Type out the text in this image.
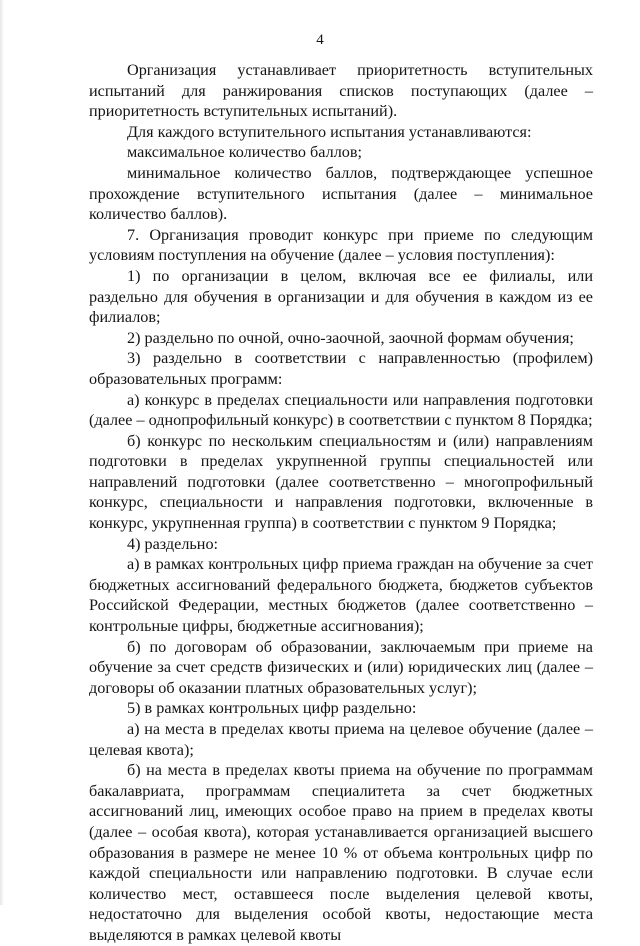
4

Организация устанавливает приоритетность вступительных испытаний для ранжирования списков поступающих (далее – приоритетность вступительных испытаний).

Для каждого вступительного испытания устанавливаются:

максимальное количество баллов;

минимальное количество баллов, подтверждающее успешное прохождение вступительного испытания (далее – минимальное количество баллов).

7. Организация проводит конкурс при приеме по следующим условиям поступления на обучение (далее – условия поступления):

1) по организации в целом, включая все ее филиалы, или раздельно для обучения в организации и для обучения в каждом из ее филиалов;

2) раздельно по очной, очно-заочной, заочной формам обучения;

3) раздельно в соответствии с направленностью (профилем) образовательных программ:

а) конкурс в пределах специальности или направления подготовки (далее – однопрофильный конкурс) в соответствии с пунктом 8 Порядка;

б) конкурс по нескольким специальностям и (или) направлениям подготовки в пределах укрупненной группы специальностей или направлений подготовки (далее соответственно – многопрофильный конкурс, специальности и направления подготовки, включенные в конкурс, укрупненная группа) в соответствии с пунктом 9 Порядка;

4) раздельно:

а) в рамках контрольных цифр приема граждан на обучение за счет бюджетных ассигнований федерального бюджета, бюджетов субъектов Российской Федерации, местных бюджетов (далее соответственно – контрольные цифры, бюджетные ассигнования);

б) по договорам об образовании, заключаемым при приеме на обучение за счет средств физических и (или) юридических лиц (далее – договоры об оказании платных образовательных услуг);

5) в рамках контрольных цифр раздельно:

а) на места в пределах квоты приема на целевое обучение (далее – целевая квота);

б) на места в пределах квоты приема на обучение по программам бакалавриата, программам специалитета за счет бюджетных ассигнований лиц, имеющих особое право на прием в пределах квоты (далее – особая квота), которая устанавливается организацией высшего образования в размере не менее 10 % от объема контрольных цифр по каждой специальности или направлению подготовки. В случае если количество мест, оставшееся после выделения целевой квоты, недостаточно для выделения особой квоты, недостающие места выделяются в рамках целевой квоты
